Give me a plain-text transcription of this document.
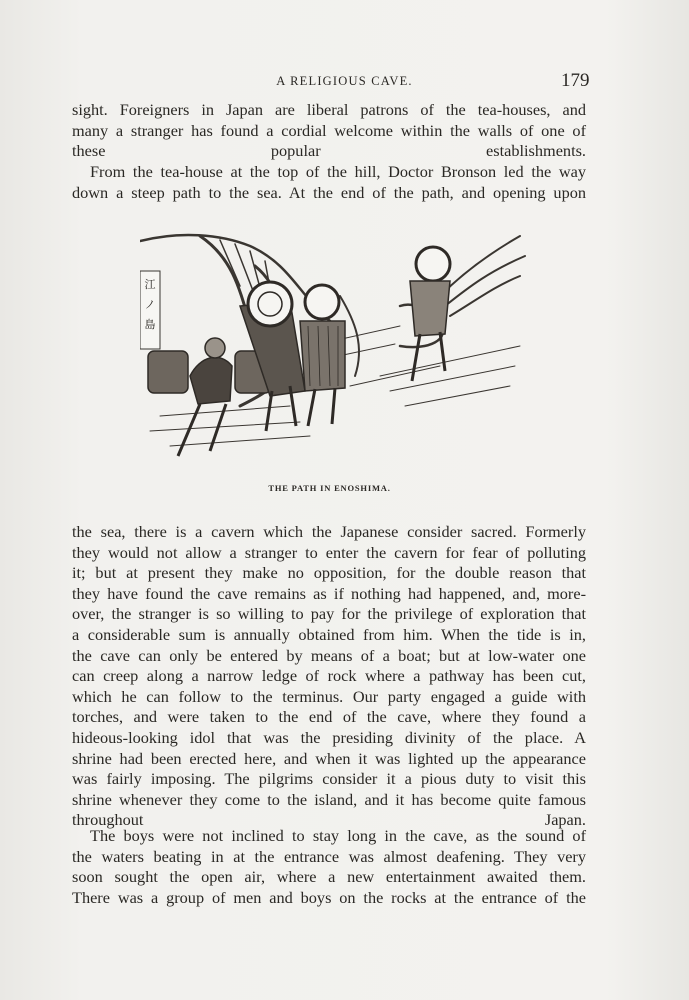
A RELIGIOUS CAVE.	179
sight. Foreigners in Japan are liberal patrons of the tea-houses, and
many a stranger has found a cordial welcome within the walls of one of
these popular establishments.
From the tea-house at the top of the hill, Doctor Bronson led the way
down a steep path to the sea. At the end of the path, and opening upon
江
ノ
島
THE PATH IN ENOSHIMA.
the sea, there is a cavern which the Japanese consider sacred. Formerly
they would not allow a stranger to enter the cavern for fear of polluting
it; but at present they make no opposition, for the double reason that
they have found the cave remains as if nothing had happened, and, more-
over, the stranger is so willing to pay for the privilege of exploration that
a considerable sum is annually obtained from him. When the tide is in,
the cave can only be entered by means of a boat; but at low-water one
can creep along a narrow ledge of rock where a pathway has been cut,
which he can follow to the terminus. Our party engaged a guide with
torches, and were taken to the end of the cave, where they found a
hideous-looking idol that was the presiding divinity of the place. A
shrine had been erected here, and when it was lighted up the appearance
was fairly imposing. The pilgrims consider it a pious duty to visit this
shrine whenever they come to the island, and it has become quite famous
throughout Japan.
The boys were not inclined to stay long in the cave, as the sound of
the waters beating in at the entrance was almost deafening. They very
soon sought the open air, where a new entertainment awaited them.
There was a group of men and boys on the rocks at the entrance of the
